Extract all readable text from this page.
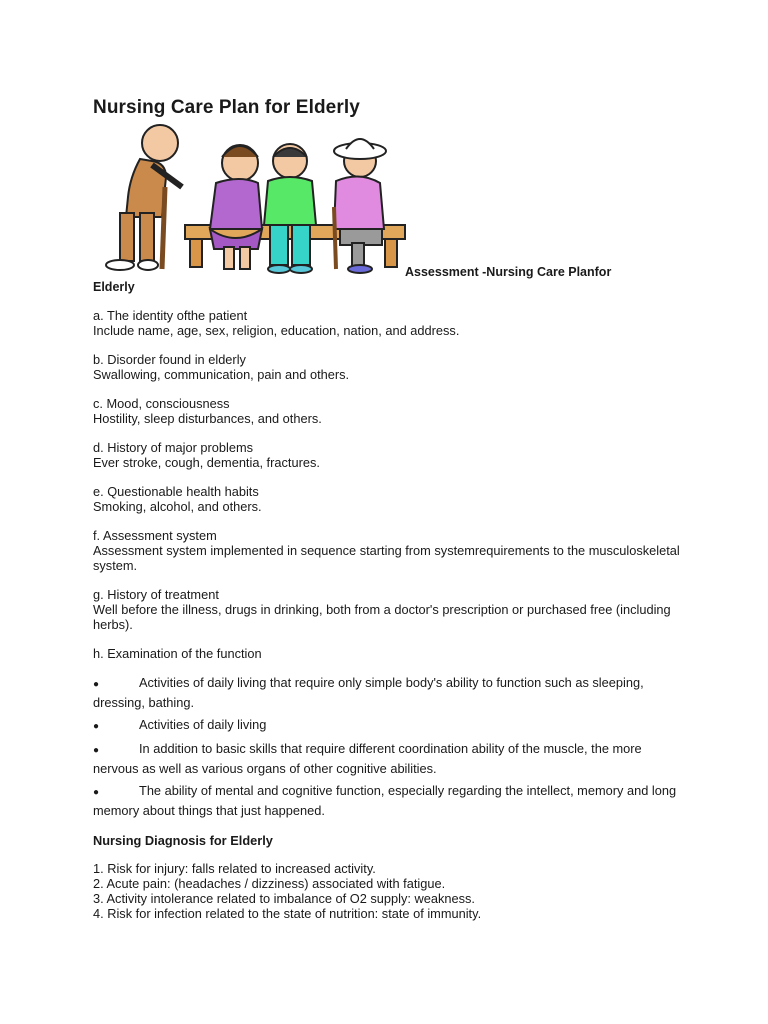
Nursing Care Plan for Elderly
Assessment -Nursing Care Planfor
Elderly
a. The identity ofthe patient
Include name, age, sex, religion, education, nation, and address.
b. Disorder found in elderly
Swallowing, communication, pain and others.
c. Mood, consciousness
Hostility, sleep disturbances, and others.
d. History of major problems
Ever stroke, cough, dementia, fractures.
e. Questionable health habits
Smoking, alcohol, and others.
f. Assessment system
Assessment system implemented in sequence starting from systemrequirements to the musculoskeletal system.
g. History of treatment
Well before the illness, drugs in drinking, both from a doctor's prescription or purchased free (including herbs).
h. Examination of the function
●	Activities of daily living that require only simple body's ability to function such as sleeping, dressing, bathing.
●	Activities of daily living
●	In addition to basic skills that require different coordination ability of the muscle, the more nervous as well as various organs of other cognitive abilities.
●	The ability of mental and cognitive function, especially regarding the intellect, memory and long memory about things that just happened.
Nursing Diagnosis for Elderly
1. Risk for injury: falls related to increased activity.
2. Acute pain: (headaches / dizziness) associated with fatigue.
3. Activity intolerance related to imbalance of O2 supply: weakness.
4. Risk for infection related to the state of nutrition: state of immunity.
